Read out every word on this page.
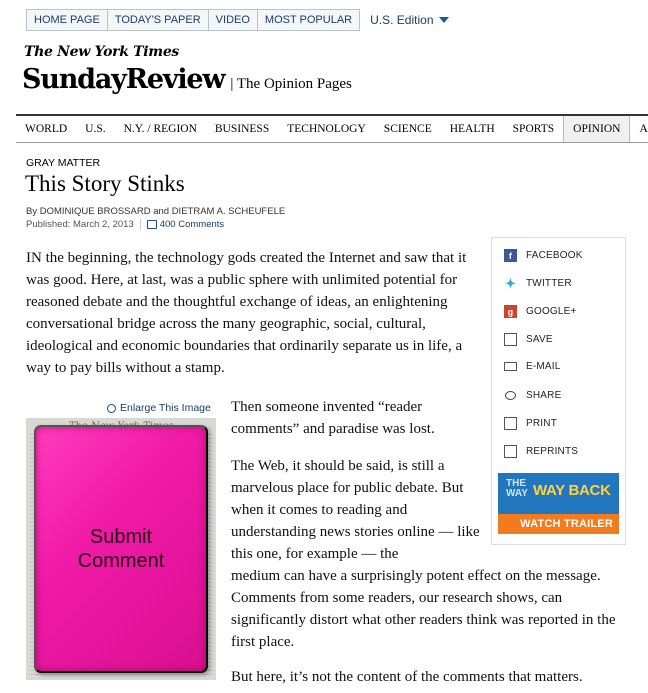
HOME PAGE	TODAY'S PAPER	VIDEO	MOST POPULAR	U.S. Edition
The New York Times
SundayReview | The Opinion Pages
WORLD	U.S.	N.Y. / REGION	BUSINESS	TECHNOLOGY	SCIENCE	HEALTH	SPORTS	OPINION	A
GRAY MATTER
This Story Stinks
By DOMINIQUE BROSSARD and DIETRAM A. SCHEUFELE
Published: March 2, 2013	400 Comments

IN the beginning, the technology gods created the Internet and saw that it was good. Here, at last, was a public sphere with unlimited potential for reasoned debate and the thoughtful exchange of ideas, an enlightening conversational bridge across the many geographic, social, cultural, ideological and economic boundaries that ordinarily separate us in life, a way to pay bills without a stamp.

Then someone invented “reader comments” and paradise was lost.

The Web, it should be said, is still a marvelous place for public debate. But when it comes to reading and understanding news stories online — like this one, for example — the

medium can have a surprisingly potent effect on the message. Comments from some readers, our research shows, can significantly distort what other readers think was reported in the first place.

But here, it’s not the content of the comments that matters.

Enlarge This Image
Submit
Comment
f	FACEBOOK
✦ TWITTER
g	GOOGLE+
SAVE
E-MAIL
SHARE
PRINT
REPRINTS
THE
WAY WAY BACK
WATCH TRAILER
